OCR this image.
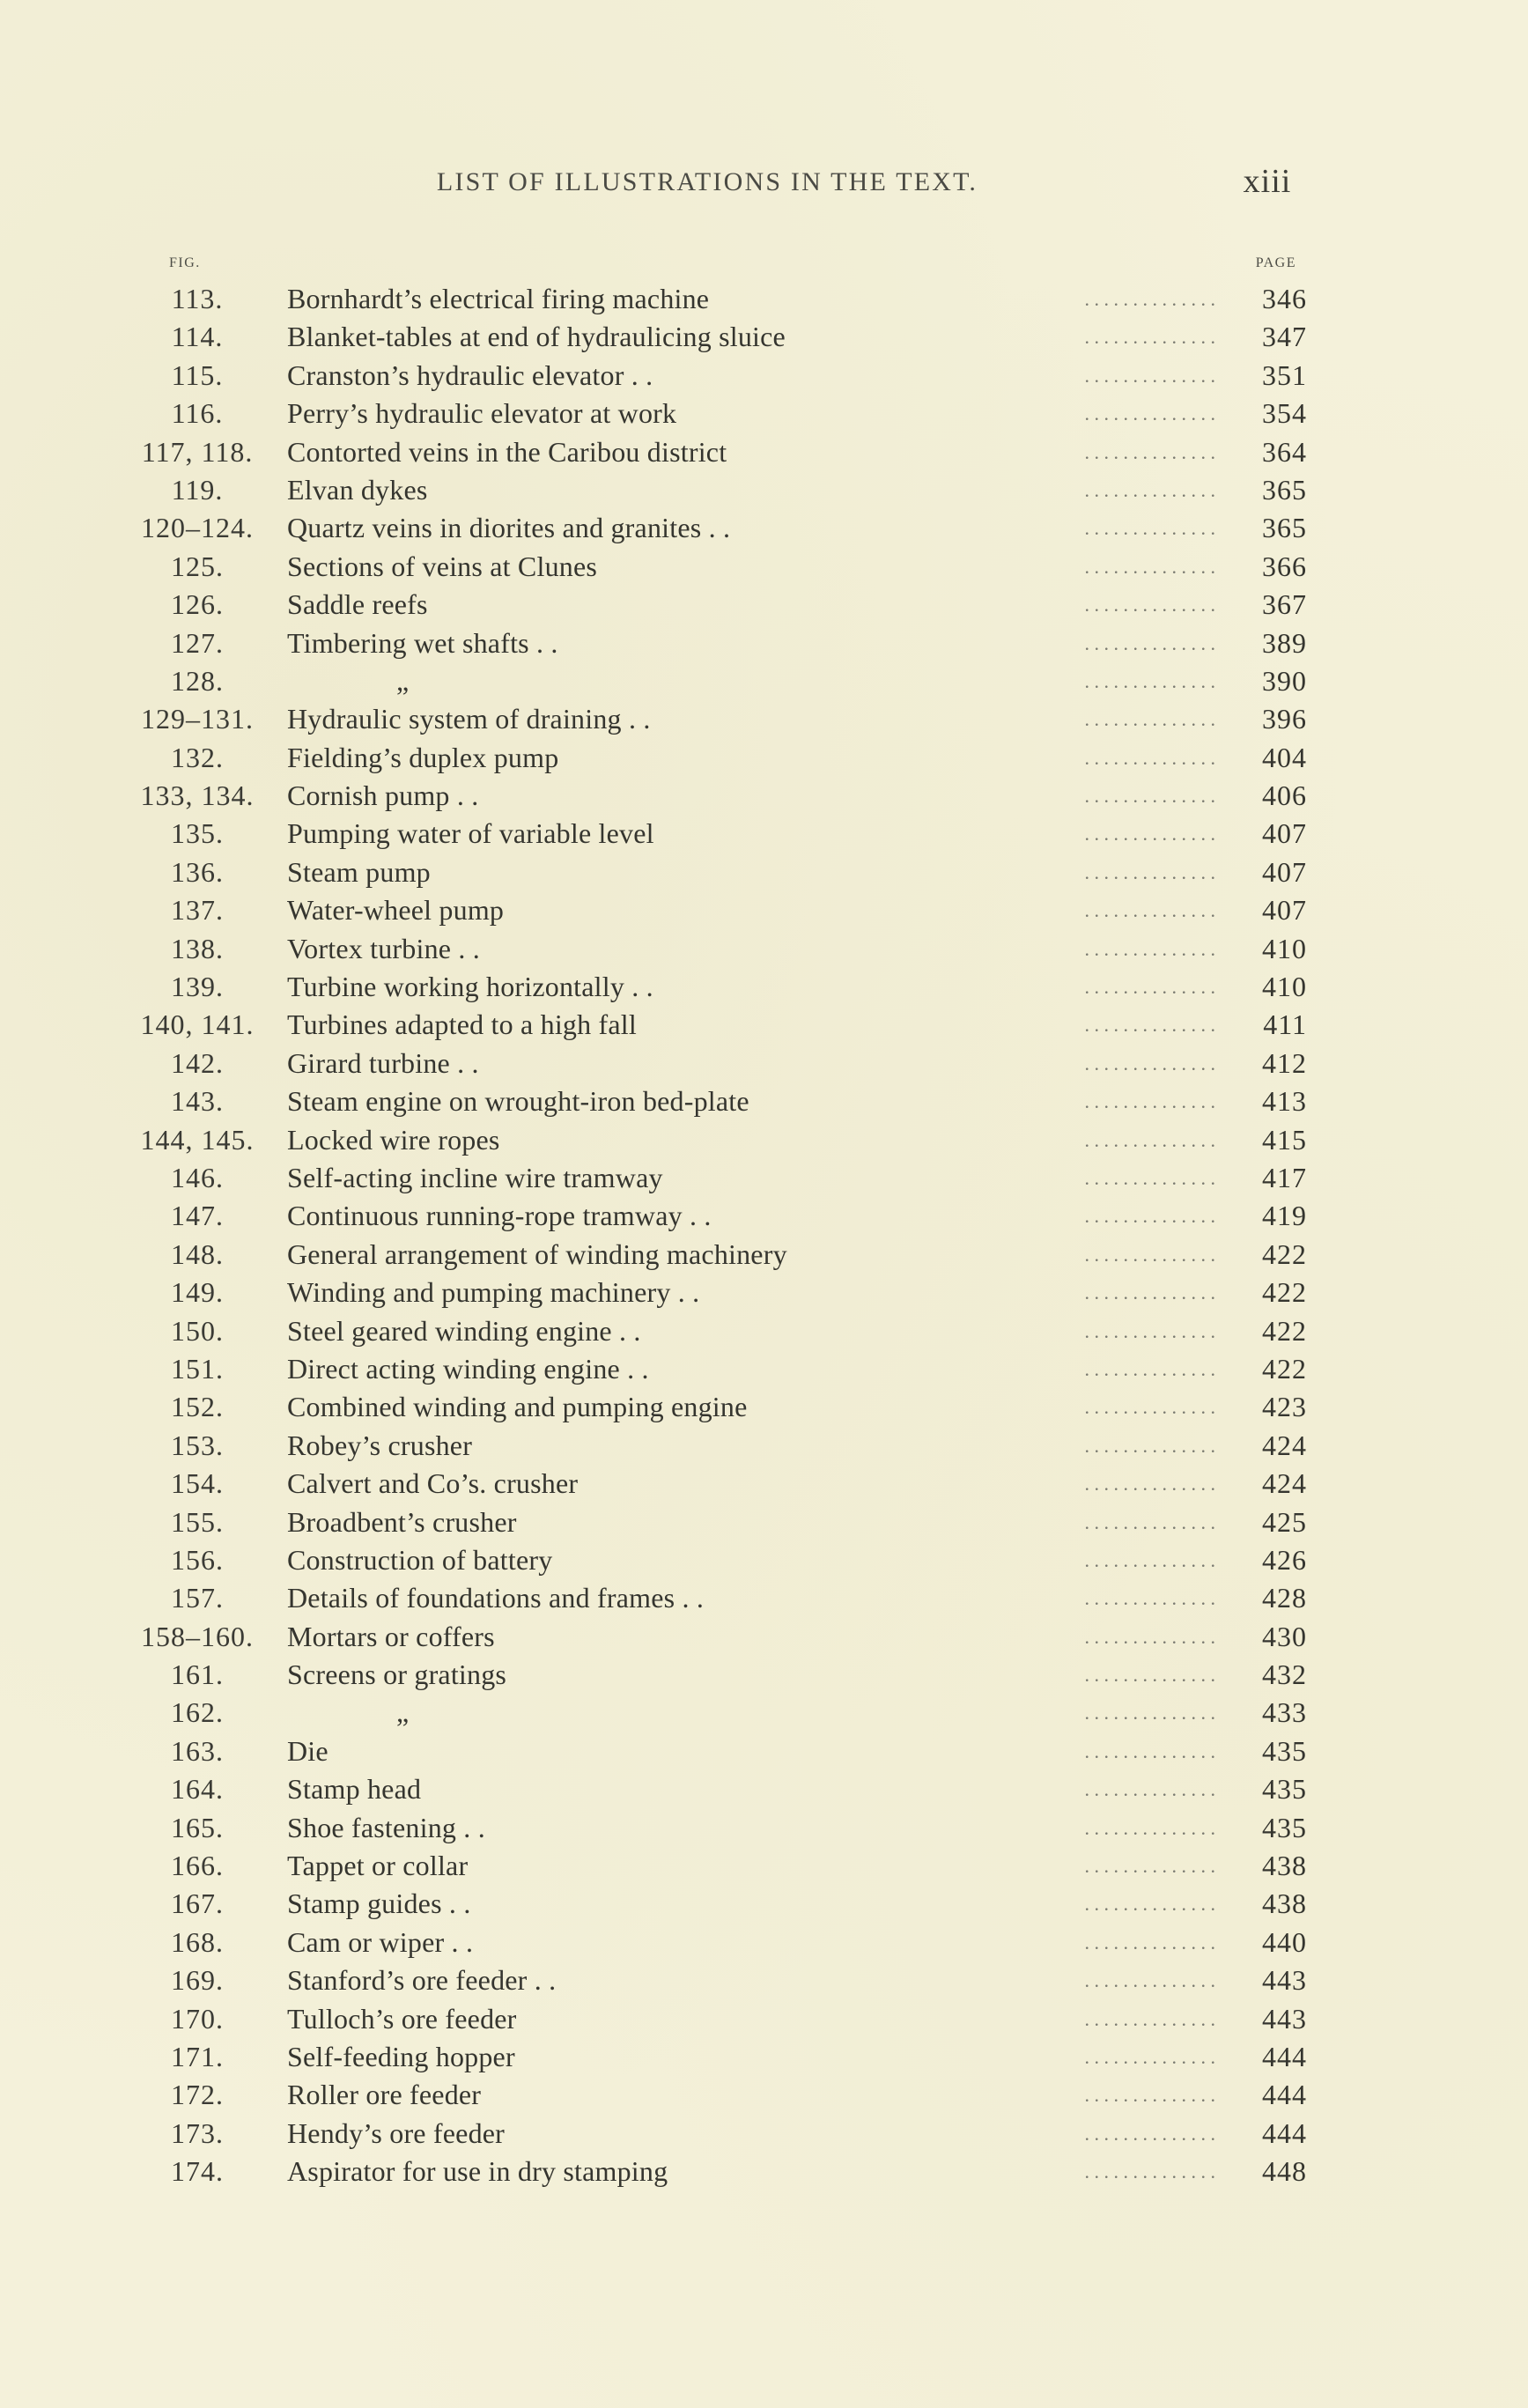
LIST OF ILLUSTRATIONS IN THE TEXT.	xiii
FIG.	PAGE
113.	Bornhardt’s electrical firing machine	. . . . . . . . . . . . . .	346
114.	Blanket-tables at end of hydraulicing sluice	. . . . . . . . . . . . . .	347
115.	Cranston’s hydraulic elevator . .	. . . . . . . . . . . . . .	351
116.	Perry’s hydraulic elevator at work	. . . . . . . . . . . . . .	354
117, 118.	Contorted veins in the Caribou district	. . . . . . . . . . . . . .	364
119.	Elvan dykes	. . . . . . . . . . . . . .	365
120–124.	Quartz veins in diorites and granites . .	. . . . . . . . . . . . . .	365
125.	Sections of veins at Clunes	. . . . . . . . . . . . . .	366
126.	Saddle reefs	. . . . . . . . . . . . . .	367
127.	Timbering wet shafts . .	. . . . . . . . . . . . . .	389
128.	„	. . . . . . . . . . . . . .	390
129–131.	Hydraulic system of draining . .	. . . . . . . . . . . . . .	396
132.	Fielding’s duplex pump	. . . . . . . . . . . . . .	404
133, 134.	Cornish pump . .	. . . . . . . . . . . . . .	406
135.	Pumping water of variable level	. . . . . . . . . . . . . .	407
136.	Steam pump	. . . . . . . . . . . . . .	407
137.	Water-wheel pump	. . . . . . . . . . . . . .	407
138.	Vortex turbine . .	. . . . . . . . . . . . . .	410
139.	Turbine working horizontally . .	. . . . . . . . . . . . . .	410
140, 141.	Turbines adapted to a high fall	. . . . . . . . . . . . . .	411
142.	Girard turbine . .	. . . . . . . . . . . . . .	412
143.	Steam engine on wrought-iron bed-plate	. . . . . . . . . . . . . .	413
144, 145.	Locked wire ropes	. . . . . . . . . . . . . .	415
146.	Self-acting incline wire tramway	. . . . . . . . . . . . . .	417
147.	Continuous running-rope tramway . .	. . . . . . . . . . . . . .	419
148.	General arrangement of winding machinery	. . . . . . . . . . . . . .	422
149.	Winding and pumping machinery . .	. . . . . . . . . . . . . .	422
150.	Steel geared winding engine . .	. . . . . . . . . . . . . .	422
151.	Direct acting winding engine . .	. . . . . . . . . . . . . .	422
152.	Combined winding and pumping engine	. . . . . . . . . . . . . .	423
153.	Robey’s crusher	. . . . . . . . . . . . . .	424
154.	Calvert and Co’s. crusher	. . . . . . . . . . . . . .	424
155.	Broadbent’s crusher	. . . . . . . . . . . . . .	425
156.	Construction of battery	. . . . . . . . . . . . . .	426
157.	Details of foundations and frames . .	. . . . . . . . . . . . . .	428
158–160.	Mortars or coffers	. . . . . . . . . . . . . .	430
161.	Screens or gratings	. . . . . . . . . . . . . .	432
162.	„	. . . . . . . . . . . . . .	433
163.	Die	. . . . . . . . . . . . . .	435
164.	Stamp head	. . . . . . . . . . . . . .	435
165.	Shoe fastening . .	. . . . . . . . . . . . . .	435
166.	Tappet or collar	. . . . . . . . . . . . . .	438
167.	Stamp guides . .	. . . . . . . . . . . . . .	438
168.	Cam or wiper . .	. . . . . . . . . . . . . .	440
169.	Stanford’s ore feeder . .	. . . . . . . . . . . . . .	443
170.	Tulloch’s ore feeder	. . . . . . . . . . . . . .	443
171.	Self-feeding hopper	. . . . . . . . . . . . . .	444
172.	Roller ore feeder	. . . . . . . . . . . . . .	444
173.	Hendy’s ore feeder	. . . . . . . . . . . . . .	444
174.	Aspirator for use in dry stamping	. . . . . . . . . . . . . .	448
